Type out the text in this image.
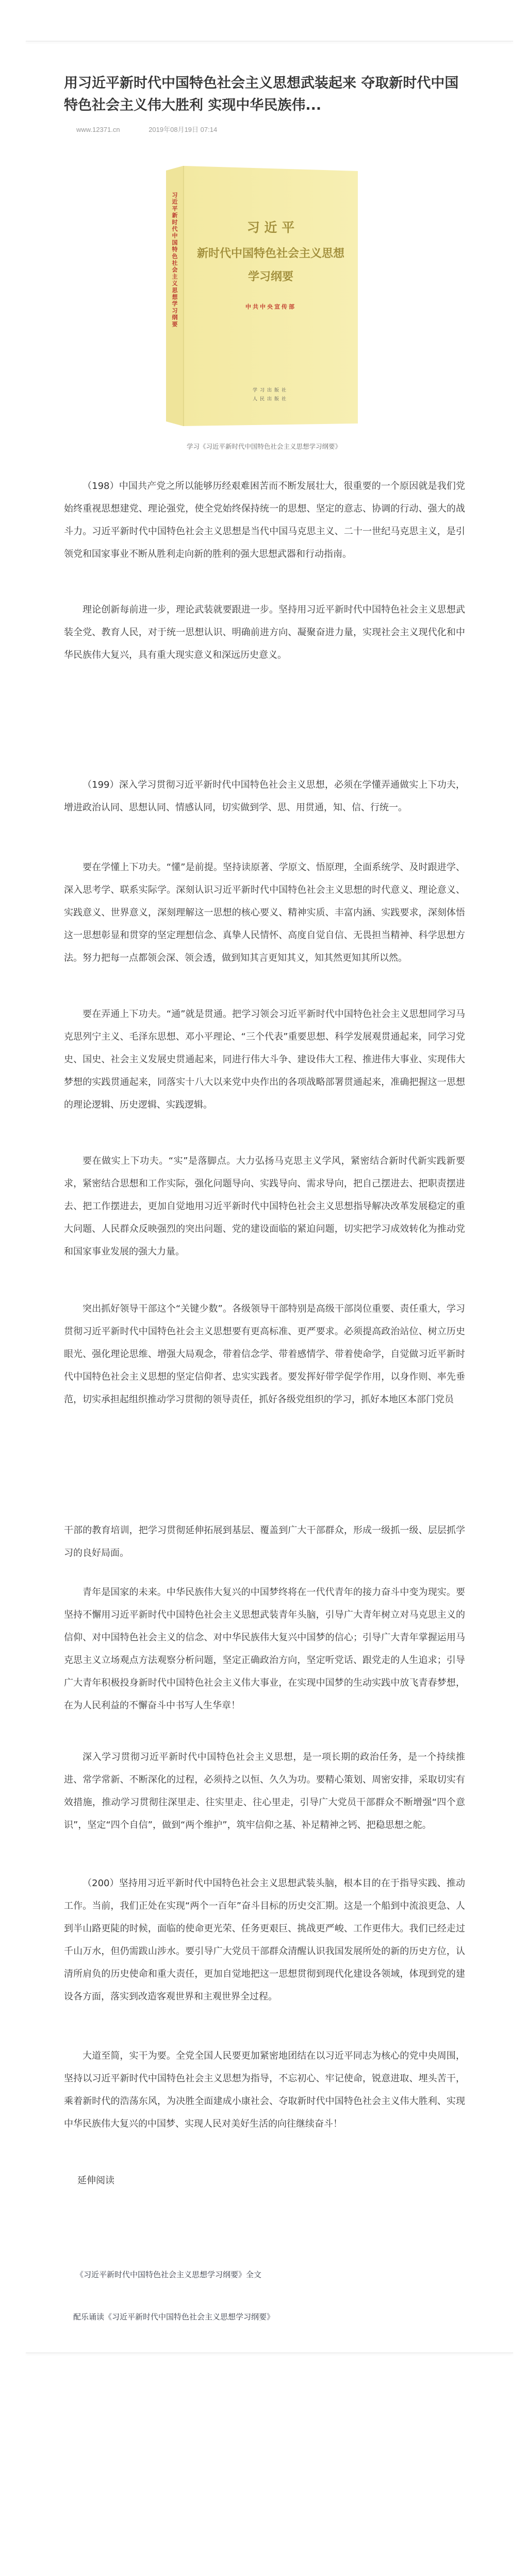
用习近平新时代中国特色社会主义思想武装起来 夺取新时代中国特色社会主义伟大胜利 实现中华民族伟...
www.12371.cn	2019年08月19日 07:14
习 近 平
新时代中国特色社会主义思想
学习纲要
中共中央宣传部
学习出版社
人民出版社
习
近
平
新
时
代
中
国
特
色
社
会
主
义
思
想
学
习
纲
要
学习《习近平新时代中国特色社会主义思想学习纲要》

（198）中国共产党之所以能够历经艰难困苦而不断发展壮大，很重要的一个原因就是我们党始终重视思想建党、理论强党，使全党始终保持统一的思想、坚定的意志、协调的行动、强大的战斗力。习近平新时代中国特色社会主义思想是当代中国马克思主义、二十一世纪马克思主义，是引领党和国家事业不断从胜利走向新的胜利的强大思想武器和行动指南。

理论创新每前进一步，理论武装就要跟进一步。坚持用习近平新时代中国特色社会主义思想武装全党、教育人民，对于统一思想认识、明确前进方向、凝聚奋进力量，实现社会主义现代化和中华民族伟大复兴，具有重大现实意义和深远历史意义。

（199）深入学习贯彻习近平新时代中国特色社会主义思想，必须在学懂弄通做实上下功夫，增进政治认同、思想认同、情感认同，切实做到学、思、用贯通，知、信、行统一。

要在学懂上下功夫。“懂”是前提。坚持读原著、学原文、悟原理，全面系统学、及时跟进学、深入思考学、联系实际学。深刻认识习近平新时代中国特色社会主义思想的时代意义、理论意义、实践意义、世界意义，深刻理解这一思想的核心要义、精神实质、丰富内涵、实践要求，深刻体悟这一思想彰显和贯穿的坚定理想信念、真挚人民情怀、高度自觉自信、无畏担当精神、科学思想方法。努力把每一点都领会深、领会透，做到知其言更知其义，知其然更知其所以然。

要在弄通上下功夫。“通”就是贯通。把学习领会习近平新时代中国特色社会主义思想同学习马克思列宁主义、毛泽东思想、邓小平理论、“三个代表”重要思想、科学发展观贯通起来，同学习党史、国史、社会主义发展史贯通起来，同进行伟大斗争、建设伟大工程、推进伟大事业、实现伟大梦想的实践贯通起来，同落实十八大以来党中央作出的各项战略部署贯通起来，准确把握这一思想的理论逻辑、历史逻辑、实践逻辑。

要在做实上下功夫。“实”是落脚点。大力弘扬马克思主义学风，紧密结合新时代新实践新要求，紧密结合思想和工作实际，强化问题导向、实践导向、需求导向，把自己摆进去、把职责摆进去、把工作摆进去，更加自觉地用习近平新时代中国特色社会主义思想指导解决改革发展稳定的重大问题、人民群众反映强烈的突出问题、党的建设面临的紧迫问题，切实把学习成效转化为推动党和国家事业发展的强大力量。

突出抓好领导干部这个“关键少数”。各级领导干部特别是高级干部岗位重要、责任重大，学习贯彻习近平新时代中国特色社会主义思想要有更高标准、更严要求。必须提高政治站位、树立历史眼光、强化理论思维、增强大局观念，带着信念学、带着感情学、带着使命学，自觉做习近平新时代中国特色社会主义思想的坚定信仰者、忠实实践者。要发挥好带学促学作用，以身作则、率先垂范，切实承担起组织推动学习贯彻的领导责任，抓好各级党组织的学习，抓好本地区本部门党员

干部的教育培训，把学习贯彻延伸拓展到基层、覆盖到广大干部群众，形成一级抓一级、层层抓学习的良好局面。

青年是国家的未来。中华民族伟大复兴的中国梦终将在一代代青年的接力奋斗中变为现实。要坚持不懈用习近平新时代中国特色社会主义思想武装青年头脑，引导广大青年树立对马克思主义的信仰、对中国特色社会主义的信念、对中华民族伟大复兴中国梦的信心；引导广大青年掌握运用马克思主义立场观点方法观察分析问题，坚定正确政治方向，坚定听党话、跟党走的人生追求；引导广大青年积极投身新时代中国特色社会主义伟大事业，在实现中国梦的生动实践中放飞青春梦想，在为人民利益的不懈奋斗中书写人生华章！

深入学习贯彻习近平新时代中国特色社会主义思想，是一项长期的政治任务，是一个持续推进、常学常新、不断深化的过程，必须持之以恒、久久为功。要精心策划、周密安排，采取切实有效措施，推动学习贯彻往深里走、往实里走、往心里走，引导广大党员干部群众不断增强“四个意识”，坚定“四个自信”，做到“两个维护”，筑牢信仰之基、补足精神之钙、把稳思想之舵。

（200）坚持用习近平新时代中国特色社会主义思想武装头脑，根本目的在于指导实践、推动工作。当前，我们正处在实现“两个一百年”奋斗目标的历史交汇期。这是一个船到中流浪更急、人到半山路更陡的时候，面临的使命更光荣、任务更艰巨、挑战更严峻、工作更伟大。我们已经走过千山万水，但仍需跋山涉水。要引导广大党员干部群众清醒认识我国发展所处的新的历史方位，认清所肩负的历史使命和重大责任，更加自觉地把这一思想贯彻到现代化建设各领域，体现到党的建设各方面，落实到改造客观世界和主观世界全过程。

大道至简，实干为要。全党全国人民要更加紧密地团结在以习近平同志为核心的党中央周围，坚持以习近平新时代中国特色社会主义思想为指导，不忘初心、牢记使命，锐意进取、埋头苦干，乘着新时代的浩荡东风，为决胜全面建成小康社会、夺取新时代中国特色社会主义伟大胜利、实现中华民族伟大复兴的中国梦、实现人民对美好生活的向往继续奋斗！

延伸阅读
《习近平新时代中国特色社会主义思想学习纲要》全文
配乐诵读《习近平新时代中国特色社会主义思想学习纲要》
